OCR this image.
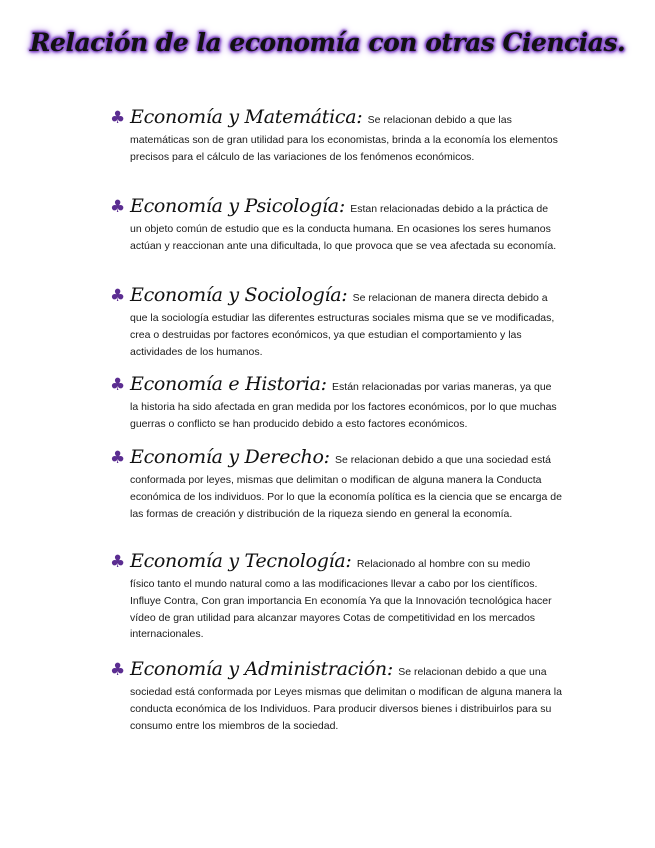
Relación de la economía con otras Ciencias.
♣ Economía y Matemática : Se relacionan debido a que las
matemáticas son de gran utilidad para los economistas, brinda a la economía los elementos precisos para el cálculo de las variaciones de los fenómenos económicos.
♣ Economía y Psicología : Estan relacionadas debido a la práctica de
un objeto común de estudio que es la conducta humana. En ocasiones los seres humanos actúan y reaccionan ante una dificultada, lo que provoca que se vea afectada su economía.
♣ Economía y Sociología : Se relacionan de manera directa debido a
que la sociología estudiar las diferentes estructuras sociales misma que se ve modificadas, crea o destruidas por factores económicos, ya que estudian el comportamiento y las actividades de los humanos.
♣ Economía e Historia : Están relacionadas por varias maneras, ya que
la historia ha sido afectada en gran medida por los factores económicos, por lo que muchas guerras o conflicto se han producido debido a esto factores económicos.
♣ Economía y Derecho : Se relacionan debido a que una sociedad está
conformada por leyes, mismas que delimitan o modifican de alguna manera la Conducta económica de los individuos. Por lo que la economía política es la ciencia que se encarga de las formas de creación y distribución de la riqueza siendo en general la economía.
♣ Economía y Tecnología : Relacionado al hombre con su medio
físico tanto el mundo natural como a las modificaciones llevar a cabo por los científicos. Influye Contra, Con gran importancia En economía Ya que la Innovación tecnológica hacer vídeo de gran utilidad para alcanzar mayores Cotas de competitividad en los mercados internacionales.
♣ Economía y Administración : Se relacionan debido a que una
sociedad está conformada por Leyes mismas que delimitan o modifican de alguna manera la conducta económica de los Individuos. Para producir diversos bienes i distribuirlos para su consumo entre los miembros de la sociedad.
